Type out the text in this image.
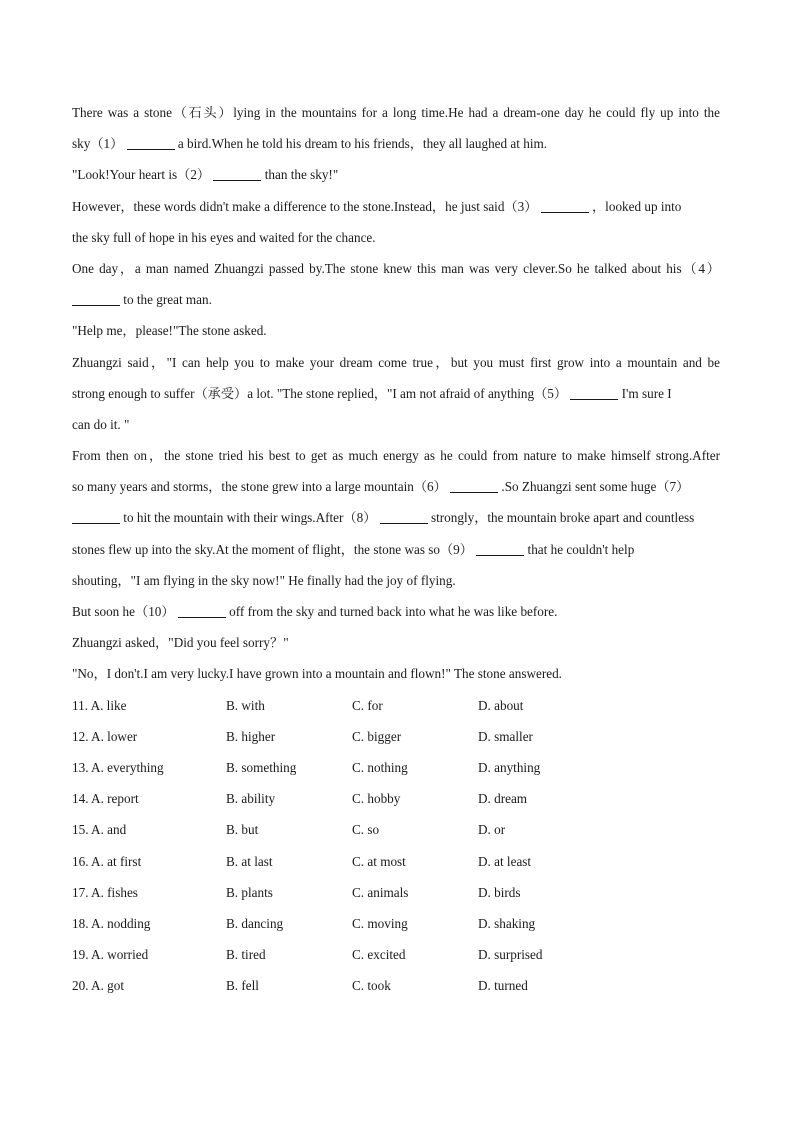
There was a stone（石头）lying in the mountains for a long time.He had a dream-one day he could fly up into the
sky（1）	a bird.When he told his dream to his friends，they all laughed at him.
"Look!Your heart is（2）	than the sky!"
However，these words didn't make a difference to the stone.Instead，he just said（3）	，looked up into
the sky full of hope in his eyes and waited for the chance.
One day，a man named Zhuangzi passed by.The stone knew this man was very clever.So he talked about his（4）
to the great man.
"Help me，please!"The stone asked.
Zhuangzi said，"I can help you to make your dream come true，but you must first grow into a mountain and be
strong enough to suffer（承受）a lot. "The stone replied，"I am not afraid of anything（5）	I'm sure I
can do it. "
From then on，the stone tried his best to get as much energy as he could from nature to make himself strong.After
so many years and storms，the stone grew into a large mountain（6）	.So Zhuangzi sent some huge（7）
to hit the mountain with their wings.After（8）	strongly，the mountain broke apart and countless
stones flew up into the sky.At the moment of flight，the stone was so（9）	that he couldn't help
shouting，"I am flying in the sky now!" He finally had the joy of flying.
But soon he（10）	off from the sky and turned back into what he was like before.
Zhuangzi asked，"Did you feel sorry？"
"No，I don't.I am very lucky.I have grown into a mountain and flown!" The stone answered.
11. A. like	B. with	C. for	D. about
12. A. lower	B. higher	C. bigger	D. smaller
13. A. everything	B. something	C. nothing	D. anything
14. A. report	B. ability	C. hobby	D. dream
15. A. and	B. but	C. so	D. or
16. A. at first	B. at last	C. at most	D. at least
17. A. fishes	B. plants	C. animals	D. birds
18. A. nodding	B. dancing	C. moving	D. shaking
19. A. worried	B. tired	C. excited	D. surprised
20. A. got	B. fell	C. took	D. turned
